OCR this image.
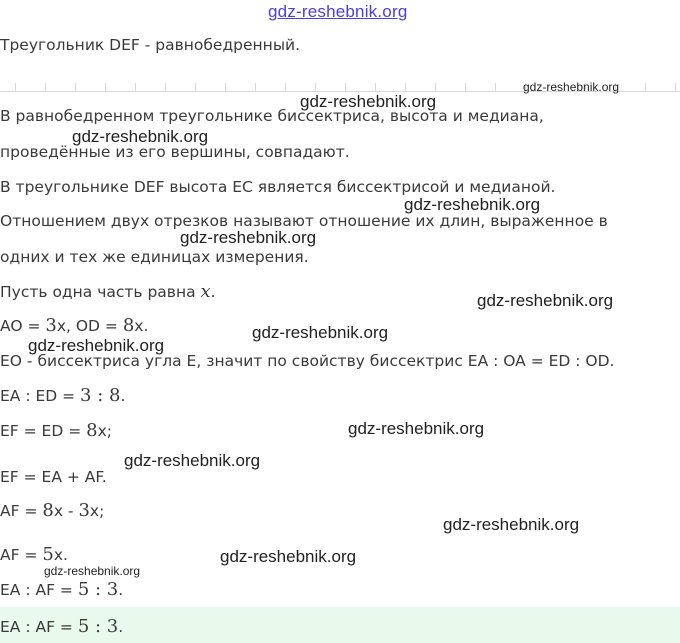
gdz-reshebnik.org
Треугольник DEF - равнобедренный.
gdz-reshebnik.org
В равнобедренном треугольнике биссектриса, высота и медиана,
gdz-reshebnik.org
проведённые из его вершины, совпадают.
gdz-reshebnik.org
В треугольнике DEF высота EC является биссектрисой и медианой.
gdz-reshebnik.org
Отношением двух отрезков называют отношение их длин, выраженное в
gdz-reshebnik.org
одних и тех же единицах измерения.
Пусть одна часть равна x.	gdz-reshebnik.org
AO = 3x, OD = 8x.	gdz-reshebnik.org
gdz-reshebnik.org
EO - биссектриса угла E, значит по свойству биссектрис EA : OA = ED : OD.
EA : ED = 3 : 8.
EF = ED = 8x;	gdz-reshebnik.org
gdz-reshebnik.org
EF = EA + AF.
AF = 8x - 3x;
gdz-reshebnik.org
AF = 5x.	gdz-reshebnik.org
gdz-reshebnik.org
EA : AF = 5 : 3.
EA : AF = 5 : 3.
